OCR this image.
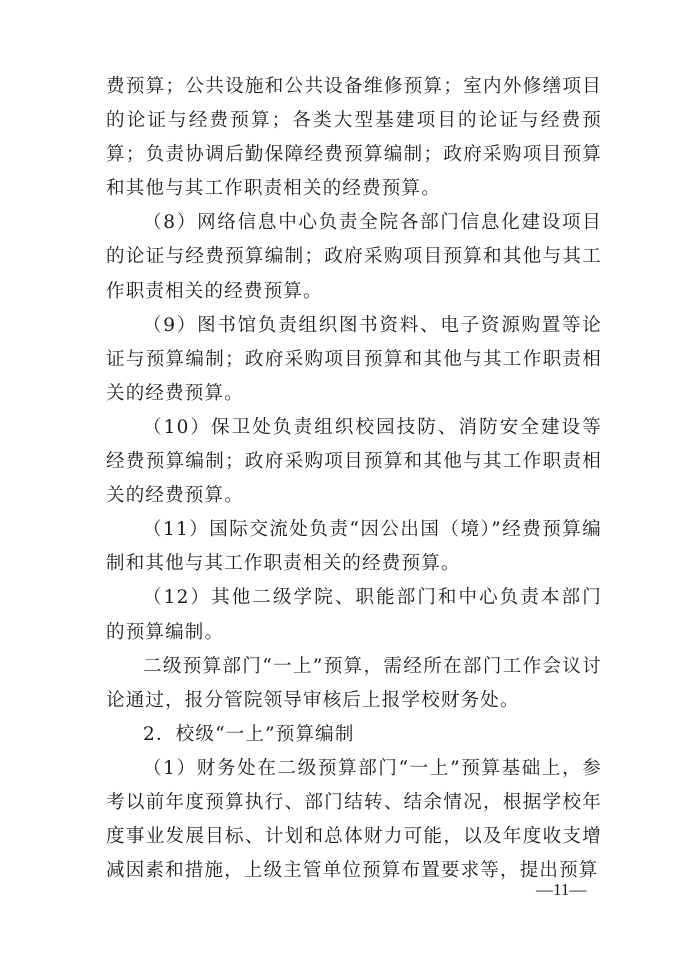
费预算；公共设施和公共设备维修预算；室内外修缮项目的论证与经费预算；各类大型基建项目的论证与经费预算；负责协调后勤保障经费预算编制；政府采购项目预算和其他与其工作职责相关的经费预算。

（8）网络信息中心负责全院各部门信息化建设项目的论证与经费预算编制；政府采购项目预算和其他与其工作职责相关的经费预算。

（9）图书馆负责组织图书资料、电子资源购置等论证与预算编制；政府采购项目预算和其他与其工作职责相关的经费预算。

（10）保卫处负责组织校园技防、消防安全建设等经费预算编制；政府采购项目预算和其他与其工作职责相关的经费预算。

（11）国际交流处负责“因公出国（境）”经费预算编制和其他与其工作职责相关的经费预算。

（12）其他二级学院、职能部门和中心负责本部门的预算编制。

二级预算部门“一上”预算，需经所在部门工作会议讨论通过，报分管院领导审核后上报学校财务处。

2．校级“一上”预算编制

（1）财务处在二级预算部门“一上”预算基础上，参考以前年度预算执行、部门结转、结余情况，根据学校年度事业发展目标、计划和总体财力可能，以及年度收支增减因素和措施，上级主管单位预算布置要求等，提出预算

—11—
